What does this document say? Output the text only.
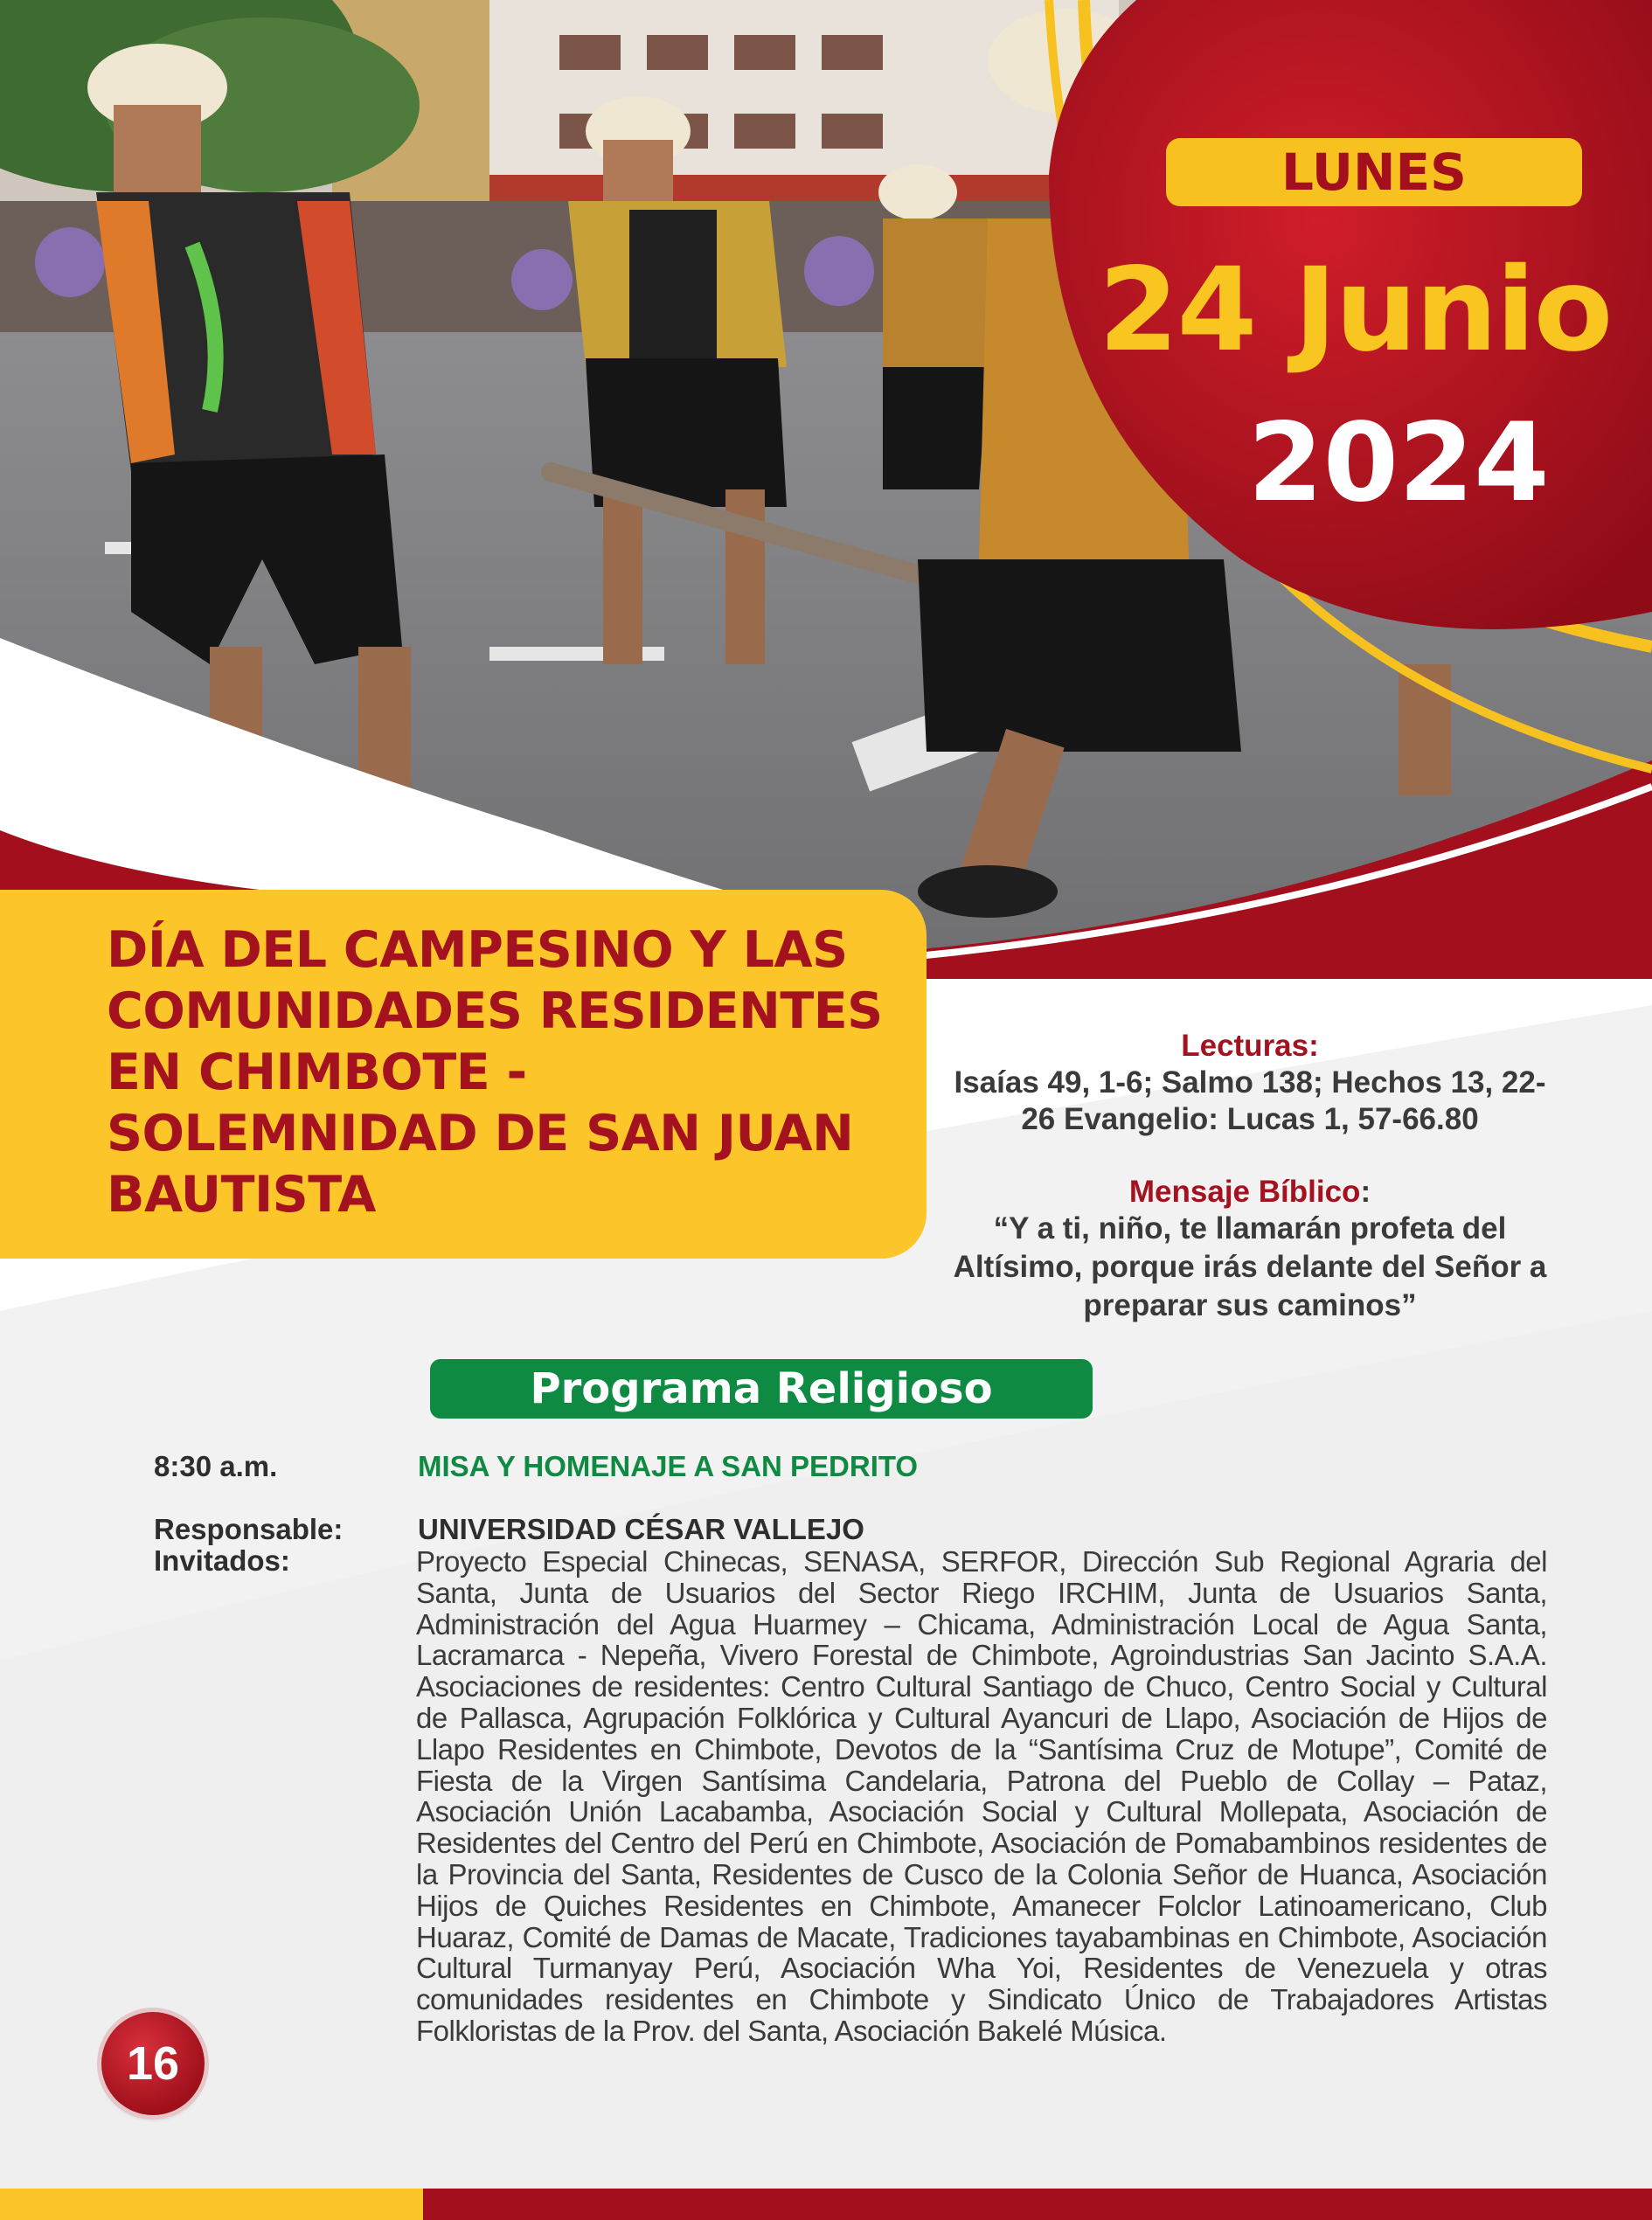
LUNES
24 Junio
2024
DÍA DEL CAMPESINO Y LAS COMUNIDADES RESIDENTES EN CHIMBOTE - SOLEMNIDAD DE SAN JUAN BAUTISTA
Lecturas:
Isaías 49, 1-6; Salmo 138; Hechos 13, 22-26 Evangelio: Lucas 1, 57-66.80
Mensaje Bíblico:
“Y a ti, niño, te llamarán profeta del Altísimo, porque irás delante del Señor a preparar sus caminos”
Programa Religioso
8:30 a.m.	MISA Y HOMENAJE A SAN PEDRITO
Responsable:	UNIVERSIDAD CÉSAR VALLEJO
Invitados:	Proyecto Especial Chinecas, SENASA, SERFOR, Dirección Sub Regional Agraria del Santa, Junta de Usuarios del Sector Riego IRCHIM, Junta de Usuarios Santa, Administración del Agua Huarmey – Chicama, Administración Local de Agua Santa, Lacramarca - Nepeña, Vivero Forestal de Chimbote, Agroindustrias San Jacinto S.A.A. Asociaciones de residentes: Centro Cultural Santiago de Chuco, Centro Social y Cultural de Pallasca, Agrupación Folklórica y Cultural Ayancuri de Llapo, Asociación de Hijos de Llapo Residentes en Chimbote, Devotos de la “Santísima Cruz de Motupe”, Comité de Fiesta de la Virgen Santísima Candelaria, Patrona del Pueblo de Collay – Pataz, Asociación Unión Lacabamba, Asociación Social y Cultural Mollepata, Asociación de Residentes del Centro del Perú en Chimbote, Asociación de Pomabambinos residentes de la Provincia del Santa, Residentes de Cusco de la Colonia Señor de Huanca, Asociación Hijos de Quiches Residentes en Chimbote, Amanecer Folclor Latinoamericano, Club Huaraz, Comité de Damas de Macate, Tradiciones tayabambinas en Chimbote, Asociación Cultural Turmanyay Perú, Asociación Wha Yoi, Residentes de Venezuela y otras comunidades residentes en Chimbote y Sindicato Único de Trabajadores Artistas Folkloristas de la Prov. del Santa, Asociación Bakelé Música.
16
